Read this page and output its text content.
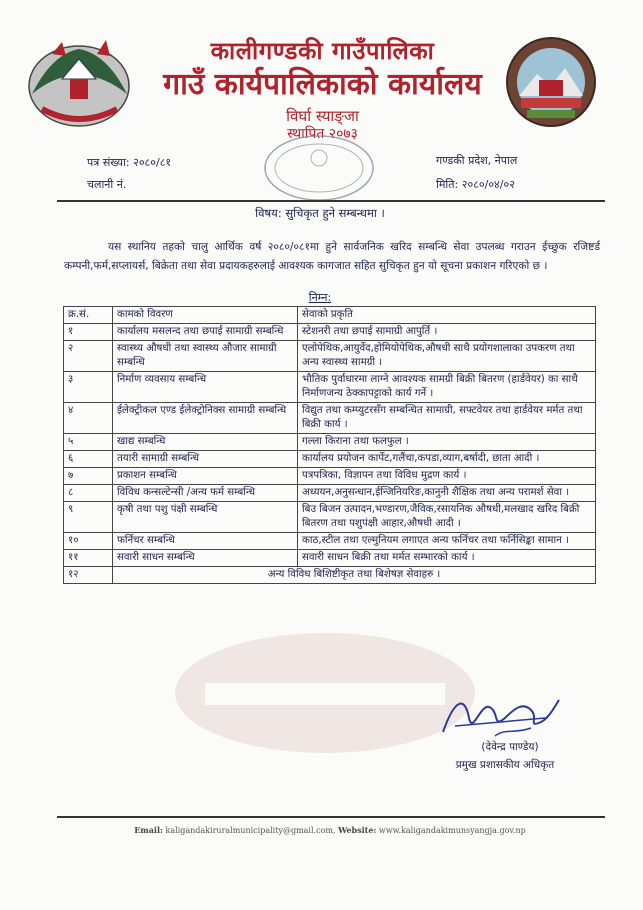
कालीगण्डकी गाउँपालिका
गाउँ कार्यपालिकाको कार्यालय
विर्घा स्याङ्जा
स्थापित २०७३
पत्र संख्या: २०८०/८१
चलानी नं.
गण्डकी प्रदेश, नेपाल
मिति: २०८०/०४/०२
विषय: सुचिकृत हुने सम्बन्धमा ।
यस स्थानिय तहको चालु आर्थिक वर्ष २०८०/०८१मा हुने सार्वजनिक खरिद सम्बन्धि सेवा उपलब्ध गराउन ईच्छुक रजिष्टर्ड कम्पनी,फर्म,सप्लायर्स, बिक्रेता तथा सेवा प्रदायकहरुलाई आवश्यक कागजात सहित सुचिकृत हुन यो सूचना प्रकाशन गरिएको छ ।
निम्न:
क्र.सं.	कामको विवरण	सेवाको प्रकृति
१	कार्यालय मसलन्द तथा छपाई सामाग्री सम्बन्धि	स्टेशनरी तथा छपाई सामाग्री आपुर्ति ।
२	स्वास्थ्य औषधी तथा स्वास्थ्य औजार सामाग्री सम्बन्धि	एलोपेथिक,आयुर्वेद,होमियोपेथिक,औषधी साथै प्रयोगशालाका उपकरण तथा अन्य स्वास्थ्य सामग्री ।
३	निर्माण व्यवसाय सम्बन्धि	भौतिक पुर्वाधारमा लाग्ने आवश्यक सामग्री बिक्री बितरण (हार्डवेयर) का साथै निर्माणजन्य ठेक्कापट्टाको कार्य गर्ने ।
४	ईलेक्ट्रीकल एण्ड ईलेक्ट्रोनिक्स सामाग्री सम्बन्धि	विद्युत तथा कम्प्युटरसँग सम्बन्धित सामाग्री, सफ्टवेयर तथा हार्डवेयर मर्मत तथा बिक्री कार्य ।
५	खाद्य सम्बन्धि	गल्ला किराना तथा फलफुल ।
६	तयारी सामाग्री सम्बन्धि	कार्यालय प्रयोजन कार्पेट,गलैंचा,कपडा,व्याग,बर्षादी, छाता आदी ।
७	प्रकाशन सम्बन्धि	पत्रपत्रिका, विज्ञापन तथा विविध मुद्रण कार्य ।
८	विविध कन्सल्टेन्सी /अन्य फर्म सम्बन्धि	अध्ययन,अनुसन्धान,ईन्जिनियरिङ,कानुनी शैक्षिक तथा अन्य परामर्श सेवा ।
९	कृषी तथा पशु पंक्षी सम्बन्धि	बिउ बिजन उत्पादन,भण्डारण,जैविक,रसायनिक औषधी,मलखाद खरिद बिक्री बितरण तथा पशुपंक्षी आहार,औषधी आदी ।
१०	फर्निचर सम्बन्धि	काठ,स्टील तथा एल्मुनियम लगाएत अन्य फर्निचर तथा फर्निसिङ्का सामान ।
११	सवारी साधन सम्बन्धि	सवारी साधन बिक्री तथा मर्मत सम्भारको कार्य ।
१२	अन्य विविध बिशिष्टीकृत तथा बिशेषज्ञ सेवाहरु ।	
(देवेन्द्र पाण्डेय)
प्रमुख प्रशासकीय अधिकृत
Email: kaligandakiruralmunicipality@gmail.com, Website: www.kaligandakimunsyangja.gov.np
